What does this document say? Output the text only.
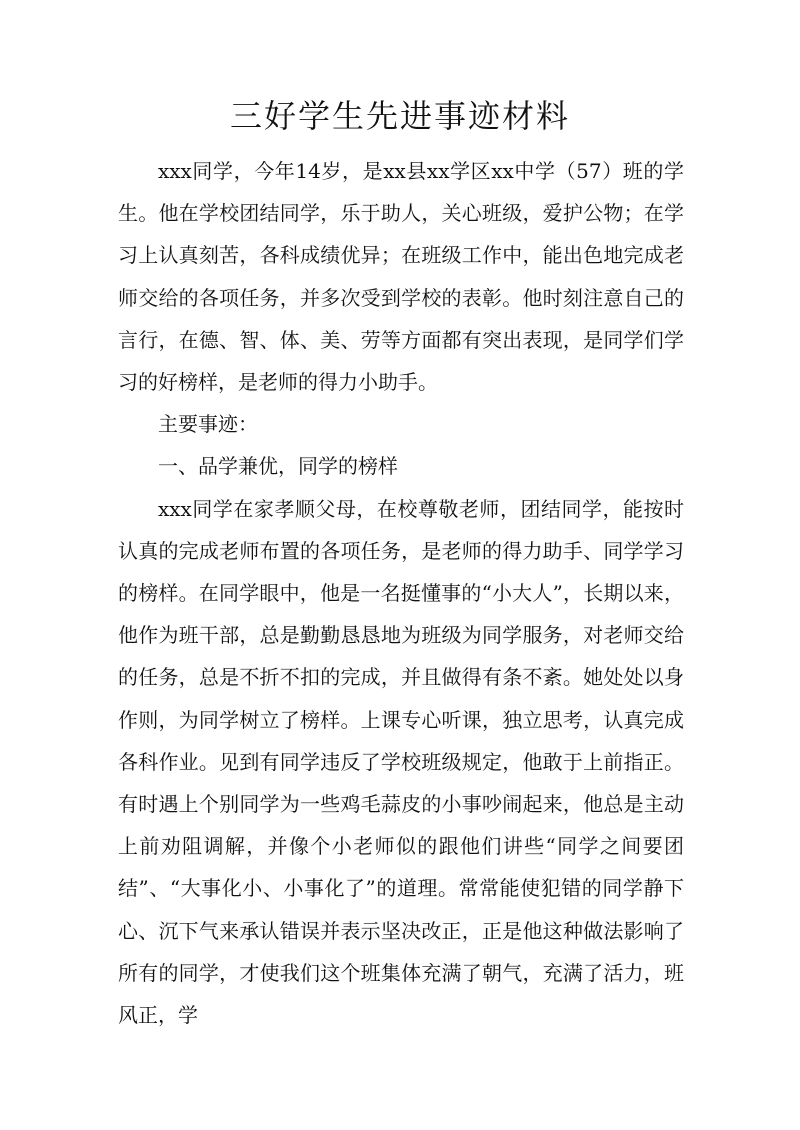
三好学生先进事迹材料

xxx同学，今年14岁，是xx县xx学区xx中学（57）班的学生。他在学校团结同学，乐于助人，关心班级，爱护公物；在学习上认真刻苦，各科成绩优异；在班级工作中，能出色地完成老师交给的各项任务，并多次受到学校的表彰。他时刻注意自己的言行，在德、智、体、美、劳等方面都有突出表现，是同学们学习的好榜样，是老师的得力小助手。

主要事迹：

一、品学兼优，同学的榜样

xxx同学在家孝顺父母，在校尊敬老师，团结同学，能按时认真的完成老师布置的各项任务，是老师的得力助手、同学学习的榜样。在同学眼中，他是一名挺懂事的“小大人”，长期以来，他作为班干部，总是勤勤恳恳地为班级为同学服务，对老师交给的任务，总是不折不扣的完成，并且做得有条不紊。她处处以身作则，为同学树立了榜样。上课专心听课，独立思考，认真完成各科作业。见到有同学违反了学校班级规定，他敢于上前指正。有时遇上个别同学为一些鸡毛蒜皮的小事吵闹起来，他总是主动上前劝阻调解，并像个小老师似的跟他们讲些“同学之间要团结”、“大事化小、小事化了”的道理。常常能使犯错的同学静下心、沉下气来承认错误并表示坚决改正，正是他这种做法影响了所有的同学，才使我们这个班集体充满了朝气，充满了活力，班风正，学
